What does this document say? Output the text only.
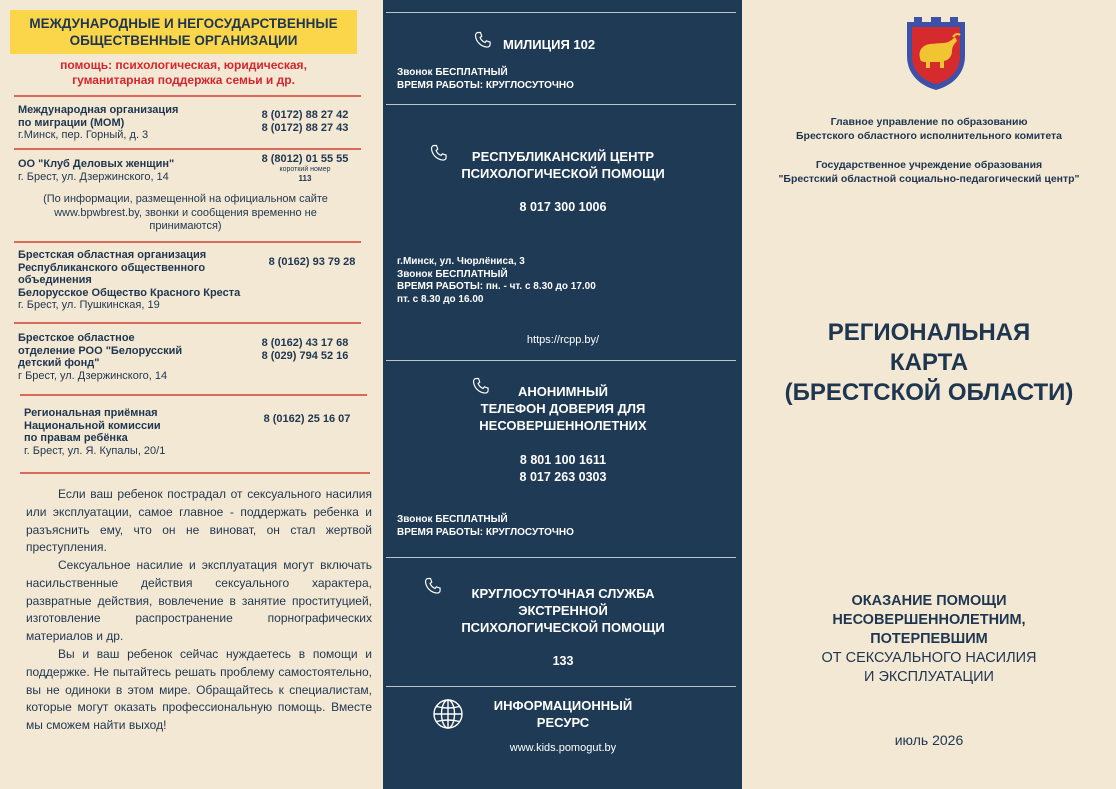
МЕЖДУНАРОДНЫЕ И НЕГОСУДАРСТВЕННЫЕ
ОБЩЕСТВЕННЫЕ ОРГАНИЗАЦИИ
помощь: психологическая, юридическая,
гуманитарная поддержка семьи и др.
Международная организация
по миграции (МОМ)
г.Минск, пер. Горный, д. 3
8 (0172) 88 27 42
8 (0172) 88 27 43
ОО "Клуб Деловых женщин"
г. Брест, ул. Дзержинского, 14
8 (8012) 01 55 55
короткий номер
113
(По информации, размещенной на официальном сайте www.bpwbrest.by, звонки и сообщения временно не принимаются)
Брестская областная организация
Республиканского общественного
объединения
Белорусское Общество Красного Креста
г. Брест, ул. Пушкинская, 19
8 (0162) 93 79 28
Брестское областное
отделение РОО "Белорусский
детский фонд"
г Брест, ул. Дзержинского, 14
8 (0162) 43 17 68
8 (029) 794 52 16
Региональная приёмная
Национальной комиссии
по правам ребёнка
г. Брест, ул. Я. Купалы, 20/1
8 (0162) 25 16 07

Если ваш ребенок пострадал от сексуального насилия или эксплуатации, самое главное - поддержать ребенка и разъяснить ему, что он не виноват, он стал жертвой преступления.

Сексуальное насилие и эксплуатация могут включать насильственные действия сексуального характера, развратные действия, вовлечение в занятие проституцией, изготовление распространение порнографических материалов и др.

Вы и ваш ребенок сейчас нуждаетесь в помощи и поддержке. Не пытайтесь решать проблему самостоятельно, вы не одиноки в этом мире. Обращайтесь к специалистам, которые могут оказать профессиональную помощь. Вместе мы сможем найти выход!

МИЛИЦИЯ 102
Звонок БЕСПЛАТНЫЙ
ВРЕМЯ РАБОТЫ: КРУГЛОСУТОЧНО
РЕСПУБЛИКАНСКИЙ ЦЕНТР
ПСИХОЛОГИЧЕСКОЙ ПОМОЩИ
8 017 300 1006
г.Минск, ул. Чюрлёниса, 3
Звонок БЕСПЛАТНЫЙ
ВРЕМЯ РАБОТЫ: пн. - чт. с 8.30 до 17.00
пт. с 8.30 до 16.00
https://rcpp.by/
АНОНИМНЫЙ
ТЕЛЕФОН ДОВЕРИЯ ДЛЯ
НЕСОВЕРШЕННОЛЕТНИХ
8 801 100 1611
8 017 263 0303
Звонок БЕСПЛАТНЫЙ
ВРЕМЯ РАБОТЫ: КРУГЛОСУТОЧНО
КРУГЛОСУТОЧНАЯ СЛУЖБА
ЭКСТРЕННОЙ
ПСИХОЛОГИЧЕСКОЙ ПОМОЩИ
133
ИНФОРМАЦИОННЫЙ
РЕСУРС
www.kids.pomogut.by
Главное управление по образованию
Брестского областного исполнительного комитета
Государственное учреждение образования
"Брестский областной социально-педагогический центр"
РЕГИОНАЛЬНАЯ
КАРТА
(БРЕСТСКОЙ ОБЛАСТИ)
ОКАЗАНИЕ ПОМОЩИ
НЕСОВЕРШЕННОЛЕТНИМ,
ПОТЕРПЕВШИМ
ОТ СЕКСУАЛЬНОГО НАСИЛИЯ
И ЭКСПЛУАТАЦИИ
июль 2026
